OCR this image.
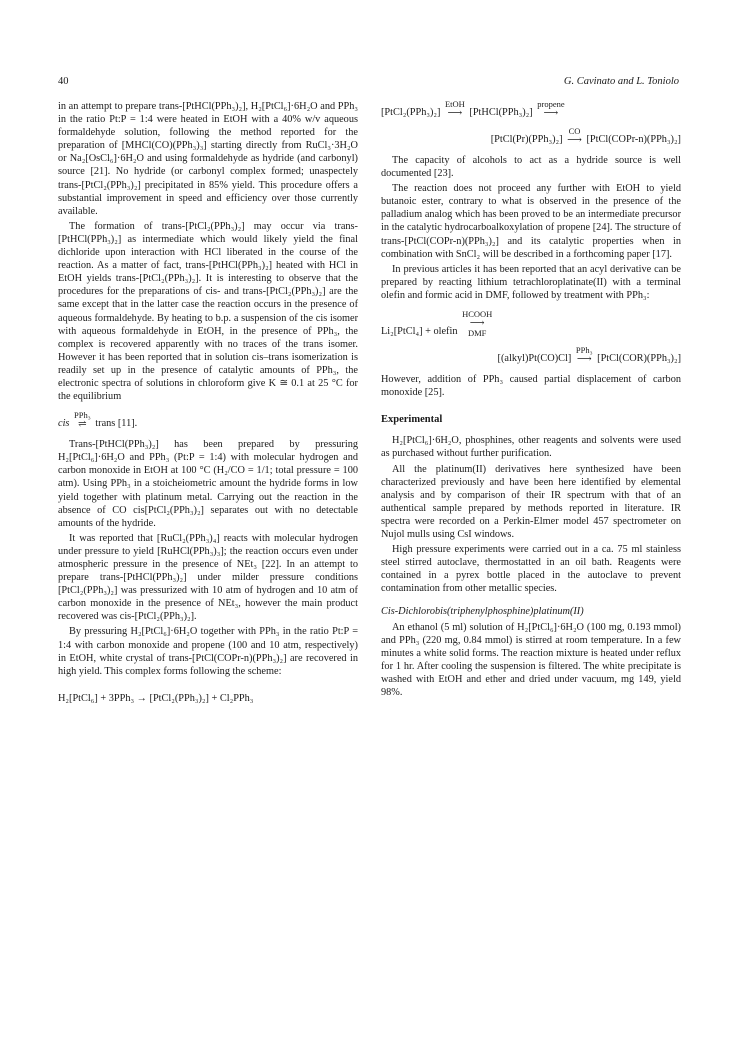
40	G. Cavinato and L. Toniolo

in an attempt to prepare trans-[PtHCl(PPh₃)₂], H₂[PtCl₆]·6H₂O and PPh₃ in the ratio Pt:P = 1:4 were heated in EtOH with a 40% w/v aqueous formaldehyde solution, following the method reported for the preparation of [MHCl(CO)(PPh₃)₃] starting directly from RuCl₃·3H₂O or Na₂[OsCl₆]·6H₂O and using formaldehyde as hydride (and carbonyl) source [21]. No hydride (or carbonyl complex formed; unaspectely trans-[PtCl₂(PPh₃)₂] precipitated in 85% yield. This procedure offers a substantial improvement in speed and efficiency over those currently available.

The formation of trans-[PtCl₂(PPh₃)₂] may occur via trans-[PtHCl(PPh₃)₂] as intermediate which would likely yield the final dichloride upon interaction with HCl liberated in the course of the reaction. As a matter of fact, trans-[PtHCl(PPh₃)₂] heated with HCl in EtOH yields trans-[PtCl₂(PPh₃)₂]. It is interesting to observe that the procedures for the preparations of cis- and trans-[PtCl₂(PPh₃)₂] are the same except that in the latter case the reaction occurs in the presence of aqueous formaldehyde. By heating to b.p. a suspension of the cis isomer with aqueous formaldehyde in EtOH, in the presence of PPh₃, the complex is recovered apparently with no traces of the trans isomer. However it has been reported that in solution cis–trans isomerization is readily set up in the presence of catalytic amounts of PPh₃, the electronic spectra of solutions in chloroform give K ≅ 0.1 at 25 °C for the equilibrium

cis
PPh₃
⇌ trans [11].

Trans-[PtHCl(PPh₃)₂] has been prepared by pressuring H₂[PtCl₆]·6H₂O and PPh₃ (Pt:P = 1:4) with molecular hydrogen and carbon monoxide in EtOH at 100 °C (H₂/CO = 1/1; total pressure = 100 atm). Using PPh₃ in a stoicheiometric amount the hydride forms in low yield together with platinum metal. Carrying out the reaction in the absence of CO cis[PtCl₂(PPh₃)₂] separates out with no detectable amounts of the hydride.

It was reported that [RuCl₂(PPh₃)₄] reacts with molecular hydrogen under pressure to yield [RuHCl(PPh₃)₃]; the reaction occurs even under atmospheric pressure in the presence of NEt₃ [22]. In an attempt to prepare trans-[PtHCl(PPh₃)₂] under milder pressure conditions [PtCl₂(PPh₃)₂] was pressurized with 10 atm of hydrogen and 10 atm of carbon monoxide in the presence of NEt₃, however the main product recovered was cis-[PtCl₂(PPh₃)₂].

By pressuring H₂[PtCl₆]·6H₂O together with PPh₃ in the ratio Pt:P = 1:4 with carbon monoxide and propene (100 and 10 atm, respectively) in EtOH, white crystal of trans-[PtCl(COPr-n)(PPh₃)₂] are recovered in high yield. This complex forms following the scheme:

H₂[PtCl₆] + 3PPh₃ → [PtCl₂(PPh₃)₂] + Cl₂PPh₃
[PtCl₂(PPh₃)₂]
EtOH
⟶ [PtHCl(PPh₃)₂]
propene
⟶
[PtCl(Pr)(PPh₃)₂]
CO
⟶ [PtCl(COPr-n)(PPh₃)₂]

The capacity of alcohols to act as a hydride source is well documented [23].

The reaction does not proceed any further with EtOH to yield butanoic ester, contrary to what is observed in the presence of the palladium analog which has been proved to be an intermediate precursor in the catalytic hydrocarboalkoxylation of propene [24]. The structure of trans-[PtCl(COPr-n)(PPh₃)₂] and its catalytic properties when in combination with SnCl₂ will be described in a forthcoming paper [17].

In previous articles it has been reported that an acyl derivative can be prepared by reacting lithium tetrachloroplatinate(II) with a terminal olefin and formic acid in DMF, followed by treatment with PPh₃:

Li₂[PtCl₄] + olefin
HCOOH
⟶
DMF
[(alkyl)Pt(CO)Cl]
PPh₃
⟶ [PtCl(COR)(PPh₃)₂]

However, addition of PPh₃ caused partial displacement of carbon monoxide [25].

Experimental

H₂[PtCl₆]·6H₂O, phosphines, other reagents and solvents were used as purchased without further purification.

All the platinum(II) derivatives here synthesized have been characterized previously and have been here identified by elemental analysis and by comparison of their IR spectrum with that of an authentical sample prepared by methods reported in literature. IR spectra were recorded on a Perkin-Elmer model 457 spectrometer on Nujol mulls using CsI windows.

High pressure experiments were carried out in a ca. 75 ml stainless steel stirred autoclave, thermostatted in an oil bath. Reagents were contained in a pyrex bottle placed in the autoclave to prevent contamination from other metallic species.

Cis-Dichlorobis(triphenylphosphine)platinum(II)

An ethanol (5 ml) solution of H₂[PtCl₆]·6H₂O (100 mg, 0.193 mmol) and PPh₃ (220 mg, 0.84 mmol) is stirred at room temperature. In a few minutes a white solid forms. The reaction mixture is heated under reflux for 1 hr. After cooling the suspension is filtered. The white precipitate is washed with EtOH and ether and dried under vacuum, mg 149, yield 98%.
